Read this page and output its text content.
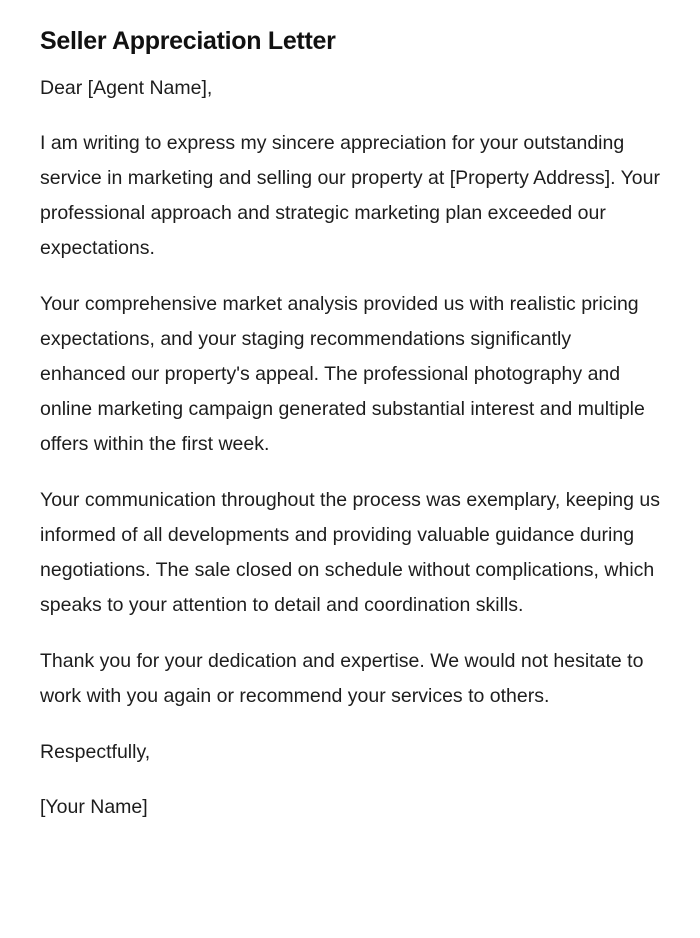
Seller Appreciation Letter

Dear [Agent Name],

I am writing to express my sincere appreciation for your outstanding service in marketing and selling our property at [Property Address]. Your professional approach and strategic marketing plan exceeded our expectations.

Your comprehensive market analysis provided us with realistic pricing expectations, and your staging recommendations significantly enhanced our property's appeal. The professional photography and online marketing campaign generated substantial interest and multiple offers within the first week.

Your communication throughout the process was exemplary, keeping us informed of all developments and providing valuable guidance during negotiations. The sale closed on schedule without complications, which speaks to your attention to detail and coordination skills.

Thank you for your dedication and expertise. We would not hesitate to work with you again or recommend your services to others.

Respectfully,

[Your Name]
